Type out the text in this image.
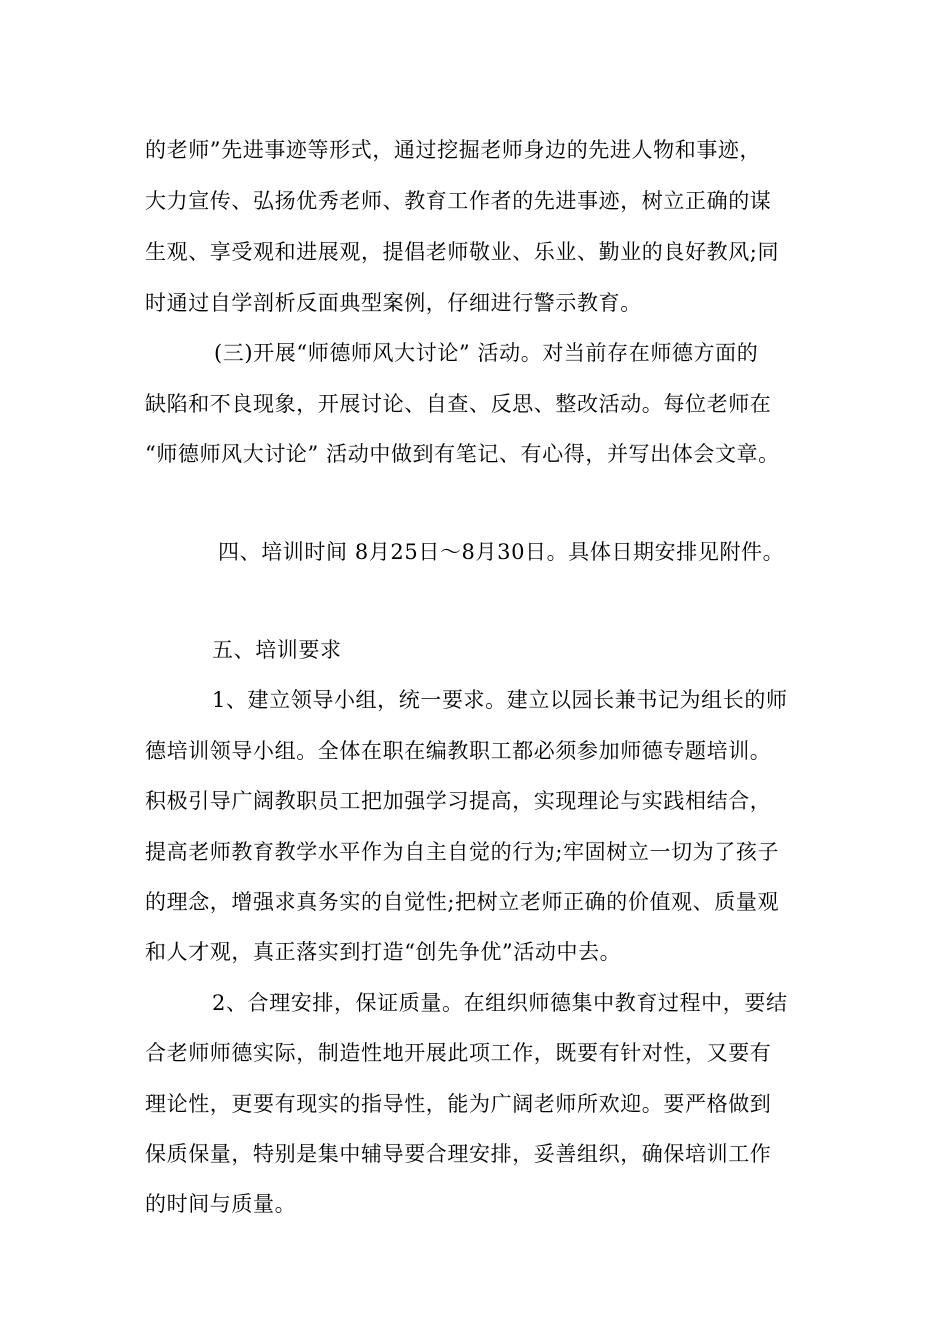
的老师”先进事迹等形式，通过挖掘老师身边的先进人物和事迹，
大力宣传、弘扬优秀老师、教育工作者的先进事迹，树立正确的谋
生观、享受观和进展观，提倡老师敬业、乐业、勤业的良好教风;同
时通过自学剖析反面典型案例，仔细进行警示教育。
(三)开展“师德师风大讨论” 活动。对当前存在师德方面的
缺陷和不良现象，开展讨论、自查、反思、整改活动。每位老师在
“师德师风大讨论” 活动中做到有笔记、有心得，并写出体会文章。
四、培训时间 8月25日～8月30日。具体日期安排见附件。
五、培训要求
1、建立领导小组，统一要求。建立以园长兼书记为组长的师
德培训领导小组。全体在职在编教职工都必须参加师德专题培训。
积极引导广阔教职员工把加强学习提高，实现理论与实践相结合，
提高老师教育教学水平作为自主自觉的行为;牢固树立一切为了孩子
的理念，增强求真务实的自觉性;把树立老师正确的价值观、质量观
和人才观，真正落实到打造“创先争优”活动中去。
2、合理安排，保证质量。在组织师德集中教育过程中，要结
合老师师德实际，制造性地开展此项工作，既要有针对性，又要有
理论性，更要有现实的指导性，能为广阔老师所欢迎。要严格做到
保质保量，特别是集中辅导要合理安排，妥善组织，确保培训工作
的时间与质量。
